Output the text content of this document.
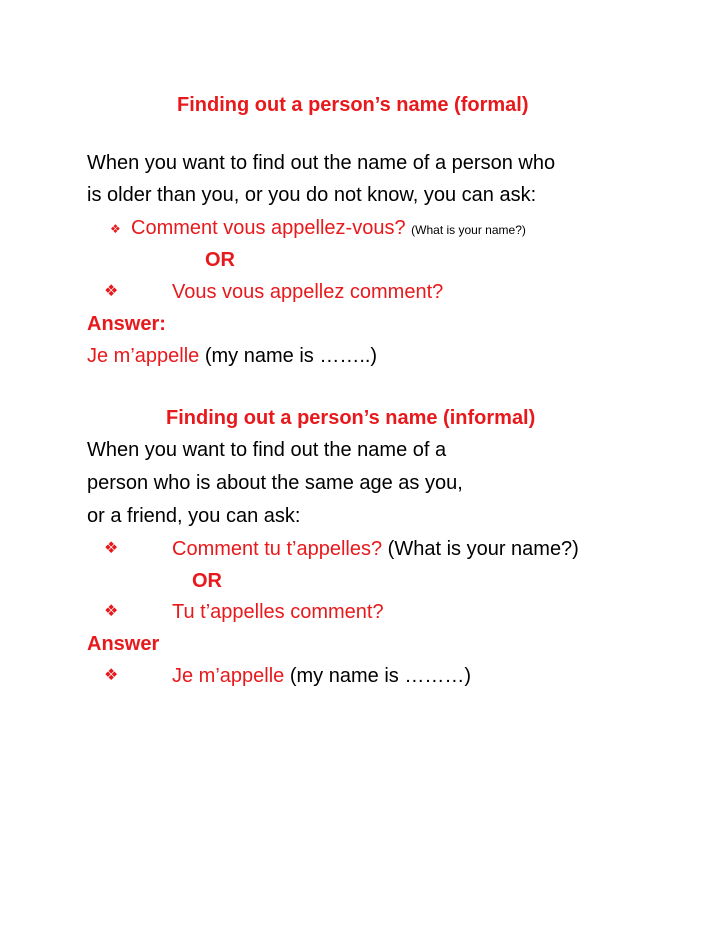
Finding out a person’s name (formal)
When you want to find out the name of a person who
is older than you, or you do not know, you can ask:
❖ Comment vous appellez-vous? (What is your name?)
OR
❖	Vous vous appellez comment?
Answer:
Je m’appelle (my name is ……..)
Finding out a person’s name (informal)
When you want to find out the name of a
person who is about the same age as you,
or a friend, you can ask:
❖	Comment tu t’appelles? (What is your name?)
OR
❖	Tu t’appelles comment?
Answer
❖	Je m’appelle (my name is ………)
